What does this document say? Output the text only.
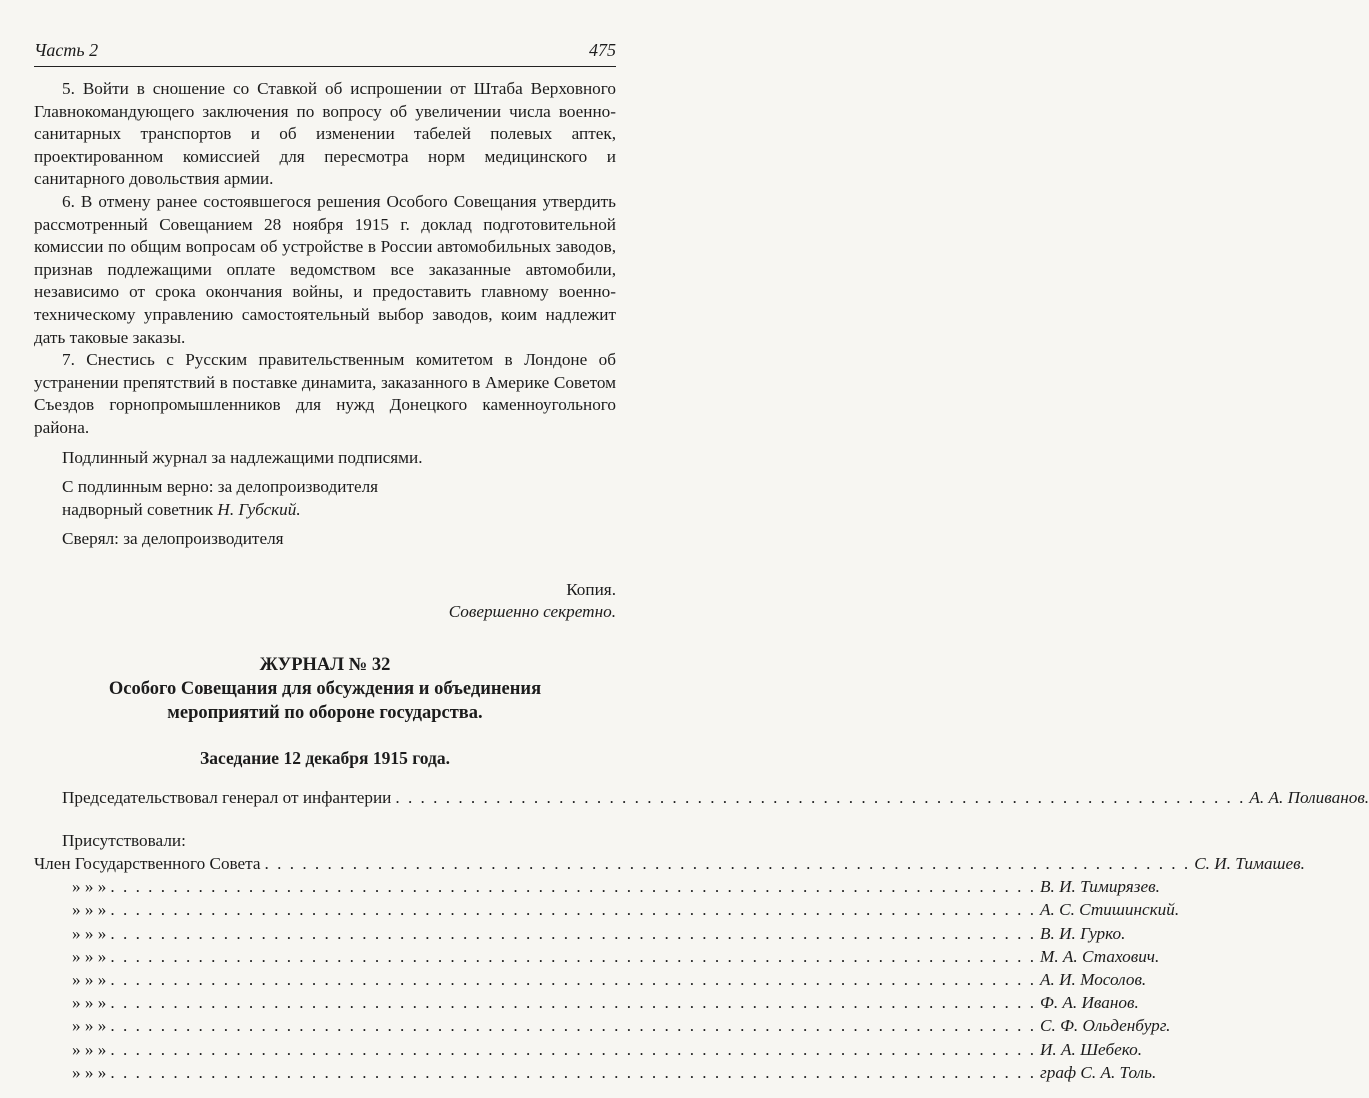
Часть 2	475

5. Войти в сношение со Ставкой об испрошении от Штаба Верховного Главнокомандующего заключения по вопросу об увеличении числа военно-санитарных транспортов и об изменении табелей полевых аптек, проектированном комиссией для пересмотра норм медицинского и санитарного довольствия армии.

6. В отмену ранее состоявшегося решения Особого Совещания утвердить рассмотренный Совещанием 28 ноября 1915 г. доклад подготовительной комиссии по общим вопросам об устройстве в России автомобильных заводов, признав подлежащими оплате ведомством все заказанные автомобили, независимо от срока окончания войны, и предоставить главному военно-техническому управлению самостоятельный выбор заводов, коим надлежит дать таковые заказы.

7. Снестись с Русским правительственным комитетом в Лондоне об устранении препятствий в поставке динамита, заказанного в Америке Советом Съездов горнопромышленников для нужд Донецкого каменноугольного района.

Подлинный журнал за надлежащими подписями.

С подлинным верно: за делопроизводителя

надворный советник Н. Губский.

Сверял: за делопроизводителя

Копия.

Совершенно секретно.

ЖУРНАЛ № 32

Особого Совещания для обсуждения и объединения

мероприятий по обороне государства.

Заседание 12 декабря 1915 года.

Председательствовал генерал от инфантерии . . . . . . . . . . . . . . . . . . . . . . . . . . . . . . . . . . . . . . . . . . . . . . . . . . . . . . . . . . . . . . . . . . . . А. А. Поливанов.

Присутствовали:

Член Государственного Совета . . . . . . . . . . . . . . . . . . . . . . . . . . . . . . . . . . . . . . . . . . . . . . . . . . . . . . . . . . . . . . . . . . . . . . . . . . С. И. Тимашев.
» » » . . . . . . . . . . . . . . . . . . . . . . . . . . . . . . . . . . . . . . . . . . . . . . . . . . . . . . . . . . . . . . . . . . . . . . . . . . В. И. Тимирязев.
» » » . . . . . . . . . . . . . . . . . . . . . . . . . . . . . . . . . . . . . . . . . . . . . . . . . . . . . . . . . . . . . . . . . . . . . . . . . . А. С. Стишинский.
» » » . . . . . . . . . . . . . . . . . . . . . . . . . . . . . . . . . . . . . . . . . . . . . . . . . . . . . . . . . . . . . . . . . . . . . . . . . . В. И. Гурко.
» » » . . . . . . . . . . . . . . . . . . . . . . . . . . . . . . . . . . . . . . . . . . . . . . . . . . . . . . . . . . . . . . . . . . . . . . . . . . М. А. Стахович.
» » » . . . . . . . . . . . . . . . . . . . . . . . . . . . . . . . . . . . . . . . . . . . . . . . . . . . . . . . . . . . . . . . . . . . . . . . . . . А. И. Мосолов.
» » » . . . . . . . . . . . . . . . . . . . . . . . . . . . . . . . . . . . . . . . . . . . . . . . . . . . . . . . . . . . . . . . . . . . . . . . . . . Ф. А. Иванов.
» » » . . . . . . . . . . . . . . . . . . . . . . . . . . . . . . . . . . . . . . . . . . . . . . . . . . . . . . . . . . . . . . . . . . . . . . . . . . С. Ф. Ольденбург.
» » » . . . . . . . . . . . . . . . . . . . . . . . . . . . . . . . . . . . . . . . . . . . . . . . . . . . . . . . . . . . . . . . . . . . . . . . . . . И. А. Шебеко.
» » » . . . . . . . . . . . . . . . . . . . . . . . . . . . . . . . . . . . . . . . . . . . . . . . . . . . . . . . . . . . . . . . . . . . . . . . . . . граф С. А. Толь.
